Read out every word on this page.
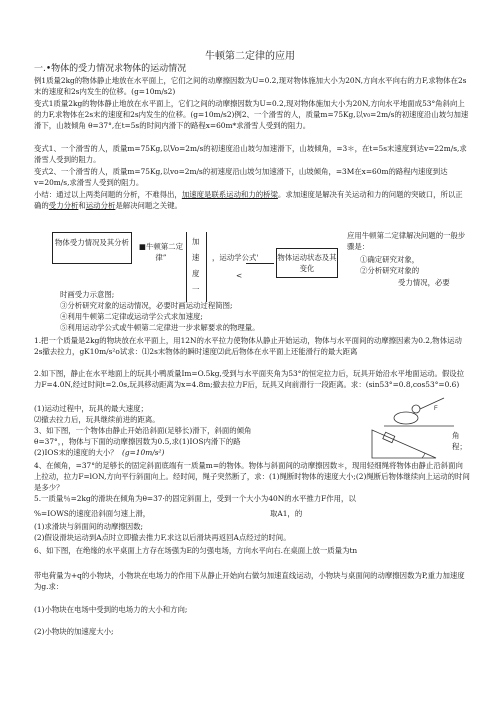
牛顿第二定律的应用
一.•物体的受力情况求物体的运动情况
例1质量2kg的物体静止地放在水平面上，它们之间的动摩擦因数为U=0.2,现对物体施加大小为20N,方向水平向右的力F,求物体在2s末的速度和2s内发生的位移。(g=10m/s2)
变式1质量2kg的物体静止地放在水平面上，它们之间的动摩擦因数为U=0.2,现对物体施加大小为20N,方向水平地面成53°角斜向上的力F,求物体在2s末的速度和2s内发生的位移。(g=10m/s2)例2、一个滑雪的人，质量m=75Kg,以v₀=2m/s的初速度沿山坡匀加速滑下，山坡倾角 θ=37°,在t=5s的时间内滑下的路程x=60m*求滑雪人受到的阻力。
变式1、一个滑雪的人，质量m=75Kg,以Vo=2m/s的初速度沿山坡匀加速滑下，山坡倾角，=3＊，在t=5s末速度到达v=22m/s,求滑雪人受到的阻力。
变式2、一个滑雪的人，质量m=75Kg,以vo=2m/s的初速度沿山坡匀加速滑下，山坡倾角，=3M在x=60m的路程内速度到达v=20m/s,求滑雪人受到的阻力。
小结：通过以上两类问题的分析，不难得出，加速度是联系运动和力的桥梁。求加速度是解决有关运动和力的问题的突破口，所以正确的受力分析和运动分析是解决问题之关键。
物体受力情况及其分析	■牛顿第二定律”
加
速
度
一
，运动学公式'
<
物体运动状态及其变化
应用牛顿第二定律解决问题的一般步骤是：
①确定研究对象，
②分析研究对象的
受力情况，必要
时画受力示意图;
③分析研究对象的运动情况，必要时画运动过程简图;
④利用牛顿第二定律或运动学公式求加速度;
⑤利用运动学公式或牛顿第二定律进一步求解要求的物理量。
1.把一个质量是2kg的物块放在水平面上，用12N的水平拉力使物体从静止开始运动，物体与水平面间的动摩擦因素为0.2,物体运动2s撤去拉力，gK10m/s²o试求：⑴2s末物体的瞬时速度⑵此后物体在水平面上还能滑行的最大距离
2.如下图，静止在水平地面上的玩具小鸭质量Im=O.5kg,受到与水平面夹角为53°的恒定拉力后，玩具开始沿水平地面运动。假设拉力F=4.0N,经过时间t=2.0s,玩具移动距离为x=4.8m;撤去拉力F后，玩具又向前滑行一段距离。求：(sin53°=0.8,cos53°=0.6)
(1)运动过程中，玩具的最大速度；
⑵撤去拉力后，玩具继续前进的距离。
F
3、如下图，一个物体由静止开始沿斜面(足够长)滑下，斜面的倾角
θ=37°，，物体与下面的动摩擦因数为0.5,求(1)IOS内滑下的路
(2)IOS末的速度的大小？ (g=10m/s²)
角
程；
4、在倾角，=37°的足够长的固定斜面底端有一质量m=的物体。物体与斜面间的动摩擦因数＊，现用轻细绳将物体由静止沿斜面向上拉动，拉力F=lON,方向平行斜面向上。经时间，绳子突然断了，求：(1)绳断时物体的速度大小;(2)绳断后物体继续向上运动的时间是多少？
5.一质量％=2kg的滑块在倾角为θ=37·的固定斜面上，受到一个大小为40N的水平推力F作用，以
%=IOWS的速度沿斜面匀速上滑，	取A1，的
(1)求滑块与斜面间的动摩擦因数;
(2)假设滑块运动到A点时立即撤去推力F,求这以后滑块再返回A点经过的时间。
6、如下图，在绝缘的水平桌面上方存在场强为E的匀强电场，方向水平向右.在桌面上放一质量为tn
带电荷量为+q的小物块，小物块在电场力的作用下从静止开始向右做匀加速直线运动，小物块与桌面间的动摩擦因数为P,重力加速度为g.求：
(1)小物块在电场中受到的电场力的大小和方向;
(2)小物块的加速度大小;
